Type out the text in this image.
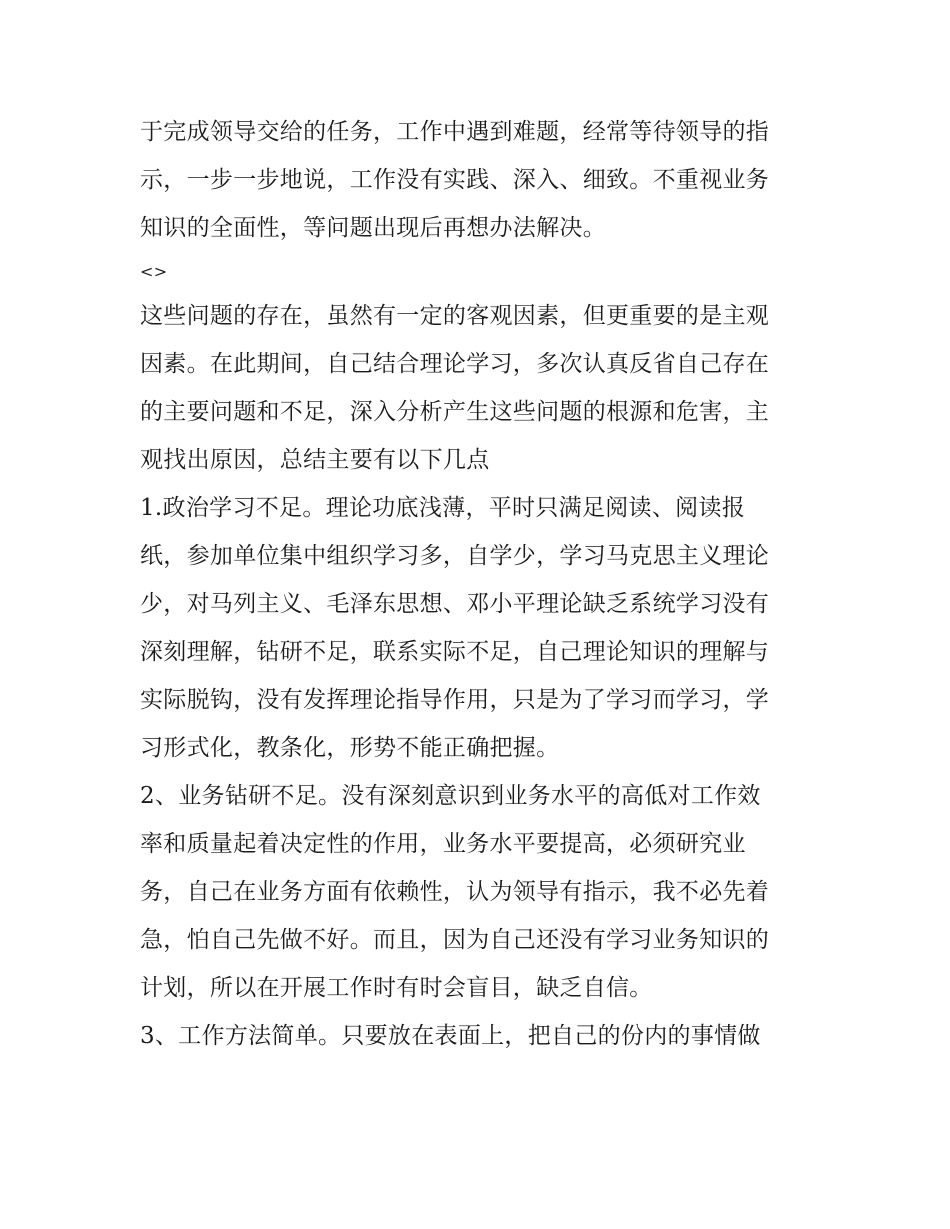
于完成领导交给的任务，工作中遇到难题，经常等待领导的指
示，一步一步地说，工作没有实践、深入、细致。不重视业务
知识的全面性，等问题出现后再想办法解决。
<>
这些问题的存在，虽然有一定的客观因素，但更重要的是主观
因素。在此期间，自己结合理论学习，多次认真反省自己存在
的主要问题和不足，深入分析产生这些问题的根源和危害，主
观找出原因，总结主要有以下几点
1.政治学习不足。理论功底浅薄，平时只满足阅读、阅读报
纸，参加单位集中组织学习多，自学少，学习马克思主义理论
少，对马列主义、毛泽东思想、邓小平理论缺乏系统学习没有
深刻理解，钻研不足，联系实际不足，自己理论知识的理解与
实际脱钩，没有发挥理论指导作用，只是为了学习而学习，学
习形式化，教条化，形势不能正确把握。
2、业务钻研不足。没有深刻意识到业务水平的高低对工作效
率和质量起着决定性的作用，业务水平要提高，必须研究业
务，自己在业务方面有依赖性，认为领导有指示，我不必先着
急，怕自己先做不好。而且，因为自己还没有学习业务知识的
计划，所以在开展工作时有时会盲目，缺乏自信。
3、工作方法简单。只要放在表面上，把自己的份内的事情做
